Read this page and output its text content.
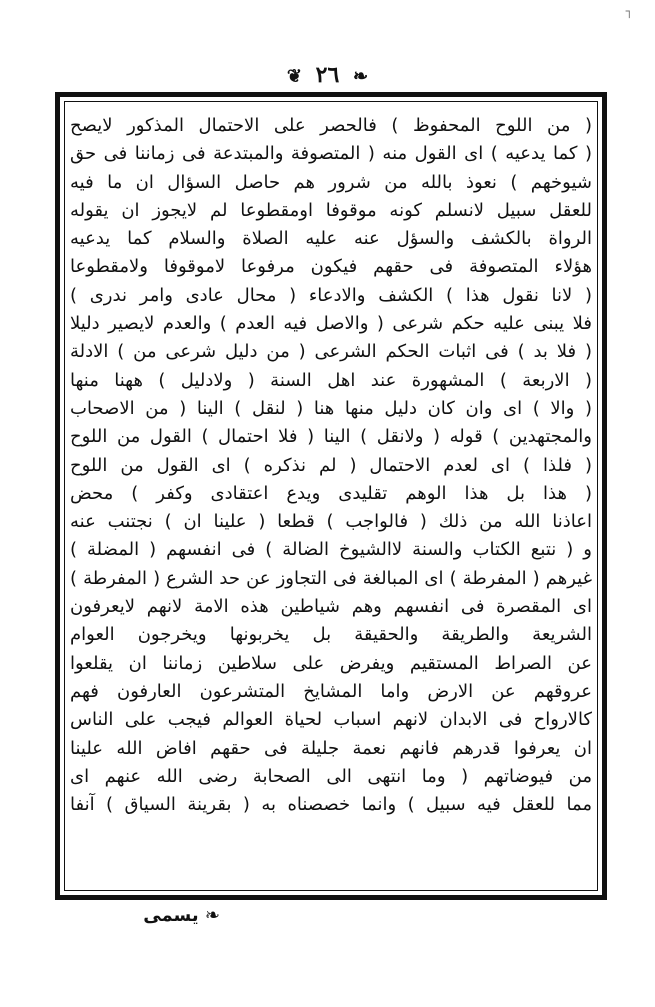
┐
❧ ٢٦ ❦
( من اللوح المحفوظ ) فالحصر على الاحتمال المذكور لايصح
( كما يدعيه ) اى القول منه ( المتصوفة والمبتدعة فى زماننا فى حق
شيوخهم ) نعوذ بالله من شرور هم حاصل السؤال ان ما فيه
للعقل سبيل لانسلم كونه موقوفا اومقطوعا لم لايجوز ان يقوله
الرواة بالكشف والسؤل عنه عليه الصلاة والسلام كما يدعيه
هؤلاء المتصوفة فى حقهم فيكون مرفوعا لاموقوفا ولامقطوعا
( لانا نقول هذا ) الكشف والادعاء ( محال عادى وامر ندرى )
فلا يبنى عليه حكم شرعى ( والاصل فيه العدم ) والعدم لايصير دليلا
( فلا بد ) فى اثبات الحكم الشرعى ( من دليل شرعى من ) الادلة
( الاربعة ) المشهورة عند اهل السنة ( ولادليل ) ههنا منها
( والا ) اى وان كان دليل منها هنا ( لنقل ) الينا ( من الاصحاب
والمجتهدين ) قوله ( ولانقل ) الينا ( فلا احتمال ) القول من اللوح
( فلذا ) اى لعدم الاحتمال ( لم نذكره ) اى القول من اللوح
( هذا بل هذا الوهم تقليدى ويدع اعتقادى وكفر ) محض
اعاذنا الله من ذلك ( فالواجب ) قطعا ( علينا ان ) نجتنب عنه
و ( نتبع الكتاب والسنة لاالشيوخ الضالة ) فى انفسهم ( المضلة )
غيرهم ( المفرطة ) اى المبالغة فى التجاوز عن حد الشرع ( المفرطة )
اى المقصرة فى انفسهم وهم شياطين هذه الامة لانهم لايعرفون
الشريعة والطريقة والحقيقة بل يخربونها ويخرجون العوام
عن الصراط المستقيم ويفرض على سلاطين زماننا ان يقلعوا
عروقهم عن الارض واما المشايخ المتشرعون العارفون فهم
كالارواح فى الابدان لانهم اسباب لحياة العوالم فيجب على الناس
ان يعرفوا قدرهم فانهم نعمة جليلة فى حقهم افاض الله علينا
من فيوضاتهم ( وما انتهى الى الصحابة رضى الله عنهم اى
مما للعقل فيه سبيل ) وانما خصصناه به ( بقرينة السياق ) آنفا
❧ يسمى
